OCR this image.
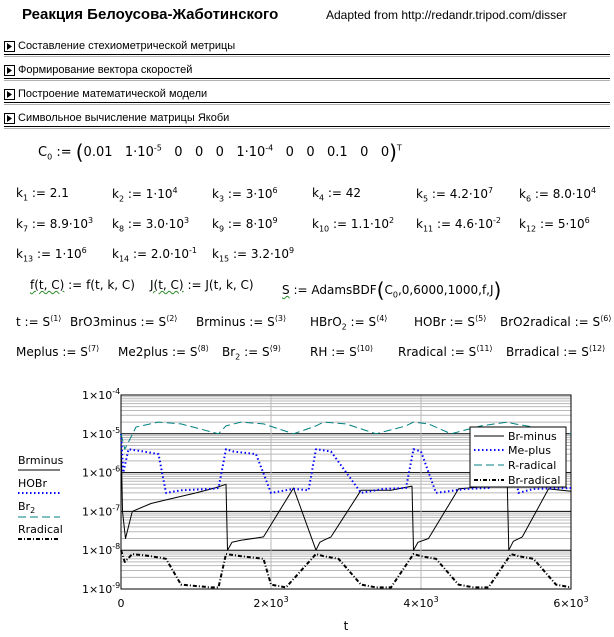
Реакция Белоусова-Жаботинского	Adapted from http://redandr.tripod.com/disser
Составление стехиометрической метрицы
Формирование вектора скоростей
Построение математической модели
Символьное вычисление матрицы Якоби
$C_0$ := (0.01 $1\cdot 10^{-5}$ 0 0 0 $1\cdot 10^{-4}$ 0 0 0.1 0 0)$^T$
$k_1$ := 2.1	$k_2$ := $1\cdot 10^4$	$k_3$ := $3\cdot 10^6$	$k_4$ := 42	$k_5$ := $4.2\cdot 10^7$ $k_6$ := $8.0\cdot 10^4$
$k_7$ := $8.9\cdot 10^3$ $k_8$ := $3.0\cdot 10^3$ $k_9$ := $8\cdot 10^9$	$k_{10}$ := $1.1\cdot 10^2$ $k_{11}$ := $4.6\cdot 10^{-2}$ $k_{12}$ := $5\cdot 10^6$
$k_{13}$ := $1\cdot 10^6$ $k_{14}$ := $2.0\cdot 10^{-1}$ $k_{15}$ := $3.2\cdot 10^9$
f(t, C) := f(t, k, C) J(t, C) := J(t, k, C) S := $AdamsBDF(C_0,0,6000,1000,f,J)$
t := $S^{⟨1⟩}$ BrO3minus := $S^{⟨2⟩}$ Brminus := $S^{⟨3⟩}$ HBrO$_2$ := $S^{⟨4⟩}$ HOBr := $S^{⟨5⟩}$ BrO2radical := $S^{⟨6⟩}$
Meplus := $S^{⟨7⟩}$ Me2plus := $S^{⟨8⟩}$ $Br_2$ := $S^{⟨9⟩}$ RH := $S^{⟨10⟩}$ Rradical := $S^{⟨11⟩}$ Brradical := $S^{⟨12⟩}$
$1\times 10^{-4}$
$1\times 10^{-5}$
$1\times 10^{-6}$
$1\times 10^{-7}$
$1\times 10^{-8}$
$1\times 10^{-9}$
0	$2\times 10^3$	$4\times 10^3$	$6\times 10^3$
t
Brminus
HOBr
$Br_2$
Rradical
Br-minus
Me-plus
R-radical
Br-radical
